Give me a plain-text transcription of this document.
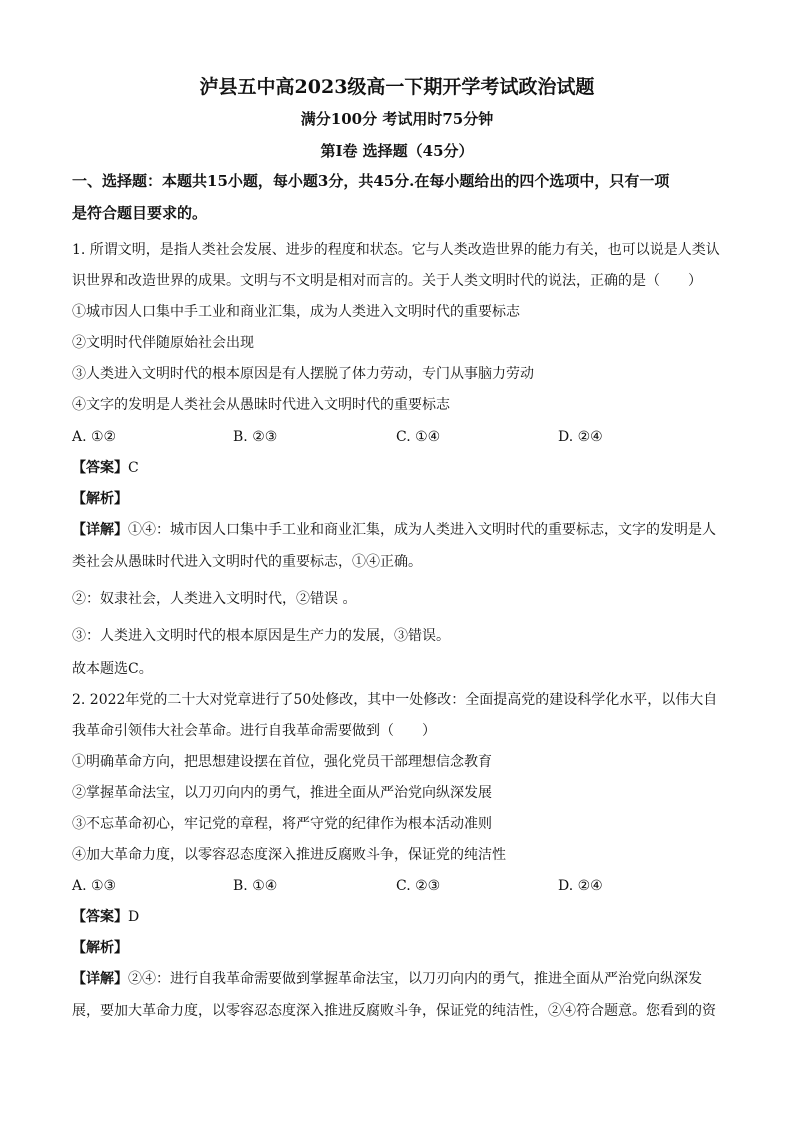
泸县五中高2023级高一下期开学考试政治试题
满分100分 考试用时75分钟
第I卷 选择题（45分）
一、选择题：本题共15小题，每小题3分，共45分.在每小题给出的四个选项中，只有一项
是符合题目要求的。
1. 所谓文明，是指人类社会发展、进步的程度和状态。它与人类改造世界的能力有关，也可以说是人类认
识世界和改造世界的成果。文明与不文明是相对而言的。关于人类文明时代的说法，正确的是（　　）
①城市因人口集中手工业和商业汇集，成为人类进入文明时代的重要标志
②文明时代伴随原始社会出现
③人类进入文明时代的根本原因是有人摆脱了体力劳动，专门从事脑力劳动
④文字的发明是人类社会从愚昧时代进入文明时代的重要标志
A. ①②	B. ②③	C. ①④	D. ②④
【答案】C
【解析】
【详解】①④：城市因人口集中手工业和商业汇集，成为人类进入文明时代的重要标志，文字的发明是人
类社会从愚昧时代进入文明时代的重要标志，①④正确。
②：奴隶社会，人类进入文明时代，②错误 。
③：人类进入文明时代的根本原因是生产力的发展，③错误。
故本题选C。
2. 2022年党的二十大对党章进行了50处修改，其中一处修改：全面提高党的建设科学化水平，以伟大自
我革命引领伟大社会革命。进行自我革命需要做到（　　）
①明确革命方向，把思想建设摆在首位，强化党员干部理想信念教育
②掌握革命法宝，以刀刃向内的勇气，推进全面从严治党向纵深发展
③不忘革命初心，牢记党的章程，将严守党的纪律作为根本活动准则
④加大革命力度，以零容忍态度深入推进反腐败斗争，保证党的纯洁性
A. ①③	B. ①④	C. ②③	D. ②④
【答案】D
【解析】
【详解】②④：进行自我革命需要做到掌握革命法宝，以刀刃向内的勇气，推进全面从严治党向纵深发
展，要加大革命力度，以零容忍态度深入推进反腐败斗争，保证党的纯洁性，②④符合题意。您看到的资
